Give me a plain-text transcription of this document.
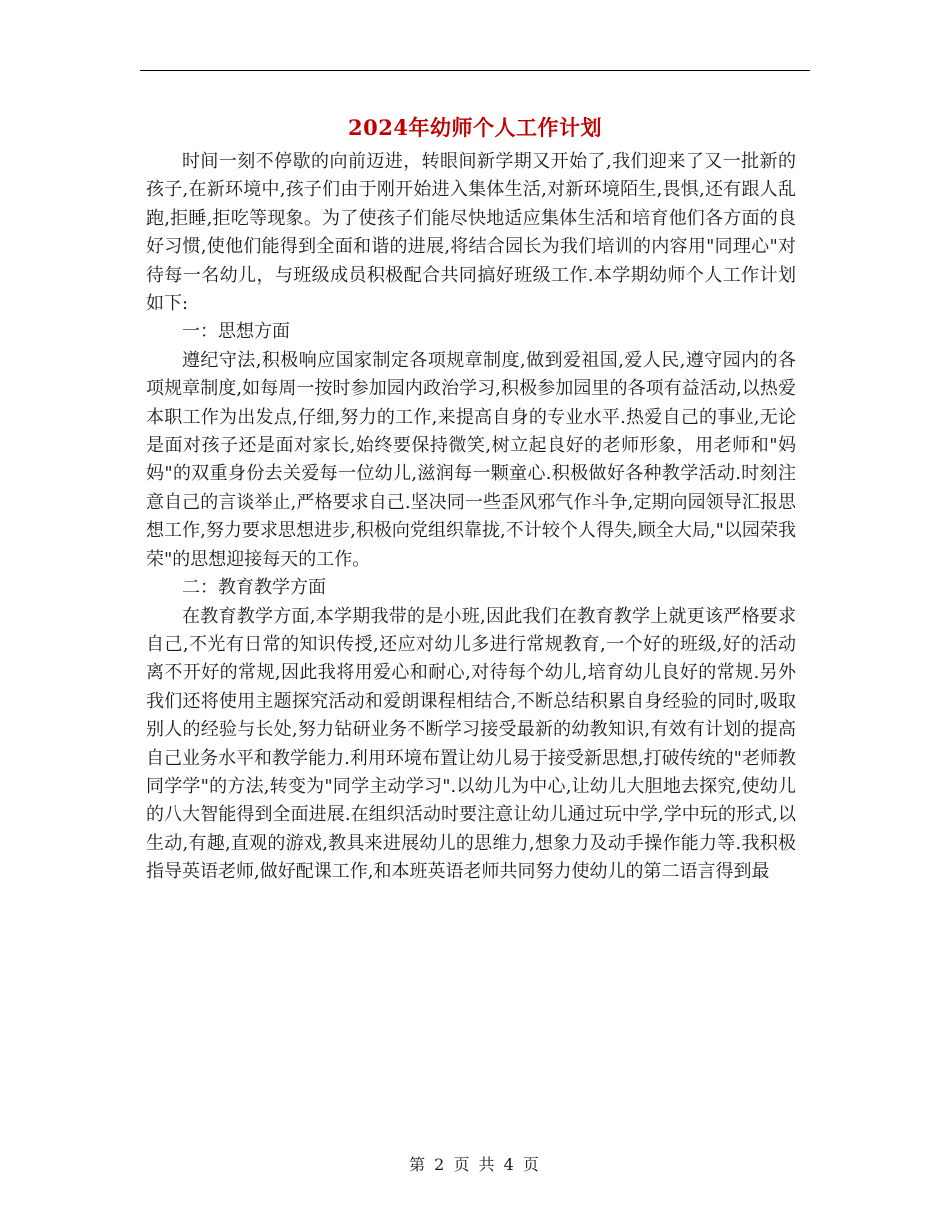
2024年幼师个人工作计划

时间一刻不停歇的向前迈进，转眼间新学期又开始了,我们迎来了又一批新的孩子,在新环境中,孩子们由于刚开始进入集体生活,对新环境陌生,畏惧,还有跟人乱跑,拒睡,拒吃等现象。为了使孩子们能尽快地适应集体生活和培育他们各方面的良好习惯,使他们能得到全面和谐的进展,将结合园长为我们培训的内容用"同理心"对待每一名幼儿，与班级成员积极配合共同搞好班级工作.本学期幼师个人工作计划如下:

一：思想方面

遵纪守法,积极响应国家制定各项规章制度,做到爱祖国,爱人民,遵守园内的各项规章制度,如每周一按时参加园内政治学习,积极参加园里的各项有益活动,以热爱本职工作为出发点,仔细,努力的工作,来提高自身的专业水平.热爱自己的事业,无论是面对孩子还是面对家长,始终要保持微笑,树立起良好的老师形象，用老师和"妈妈"的双重身份去关爱每一位幼儿,滋润每一颗童心.积极做好各种教学活动.时刻注意自己的言谈举止,严格要求自己.坚决同一些歪风邪气作斗争,定期向园领导汇报思想工作,努力要求思想进步,积极向党组织靠拢,不计较个人得失,顾全大局,"以园荣我荣"的思想迎接每天的工作。

二：教育教学方面

在教育教学方面,本学期我带的是小班,因此我们在教育教学上就更该严格要求自己,不光有日常的知识传授,还应对幼儿多进行常规教育,一个好的班级,好的活动离不开好的常规,因此我将用爱心和耐心,对待每个幼儿,培育幼儿良好的常规.另外我们还将使用主题探究活动和爱朗课程相结合,不断总结积累自身经验的同时,吸取别人的经验与长处,努力钻研业务不断学习接受最新的幼教知识,有效有计划的提高自己业务水平和教学能力.利用环境布置让幼儿易于接受新思想,打破传统的"老师教同学学"的方法,转变为"同学主动学习".以幼儿为中心,让幼儿大胆地去探究,使幼儿的八大智能得到全面进展.在组织活动时要注意让幼儿通过玩中学,学中玩的形式,以生动,有趣,直观的游戏,教具来进展幼儿的思维力,想象力及动手操作能力等.我积极指导英语老师,做好配课工作,和本班英语老师共同努力使幼儿的第二语言得到最

第 2 页 共 4 页
